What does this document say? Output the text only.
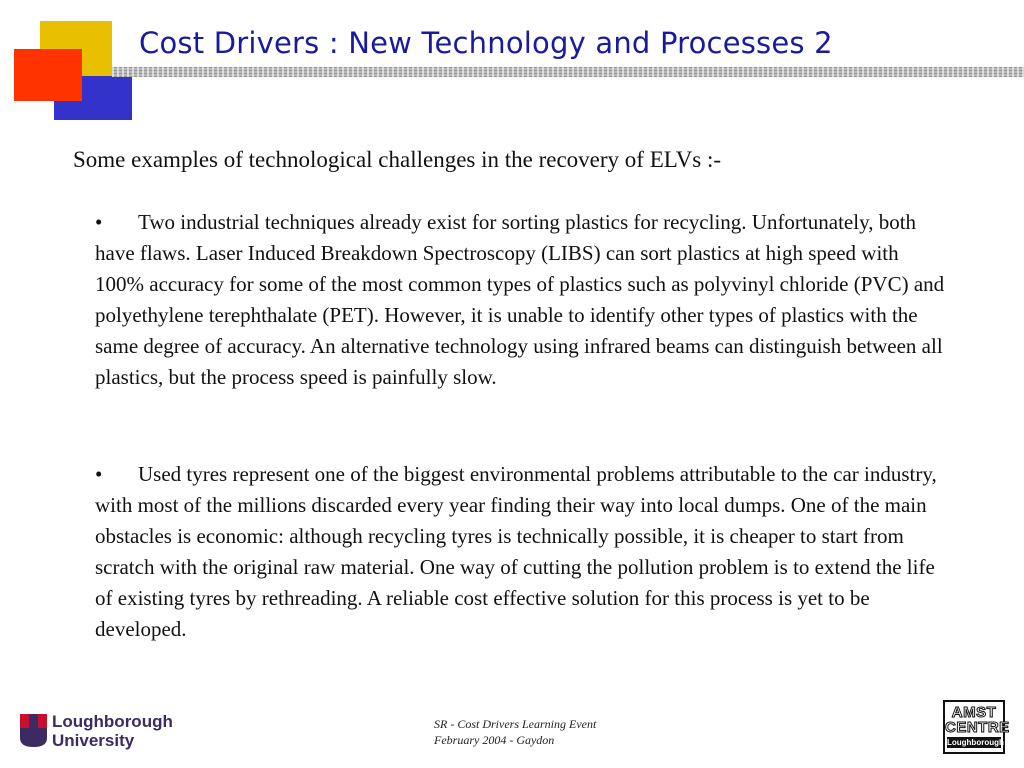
Cost Drivers : New Technology and Processes 2
Some examples of technological challenges in the recovery of ELVs :-
• Two industrial techniques already exist for sorting plastics for recycling. Unfortunately, both have flaws. Laser Induced Breakdown Spectroscopy (LIBS) can sort plastics at high speed with 100% accuracy for some of the most common types of plastics such as polyvinyl chloride (PVC) and polyethylene terephthalate (PET). However, it is unable to identify other types of plastics with the same degree of accuracy. An alternative technology using infrared beams can distinguish between all plastics, but the process speed is painfully slow.
• Used tyres represent one of the biggest environmental problems attributable to the car industry, with most of the millions discarded every year finding their way into local dumps. One of the main obstacles is economic: although recycling tyres is technically possible, it is cheaper to start from scratch with the original raw material. One way of cutting the pollution problem is to extend the life of existing tyres by rethreading. A reliable cost effective solution for this process is yet to be developed.
Loughborough
University
SR - Cost Drivers Learning Event
February 2004 - Gaydon
AMST
CENTRE
Loughborough
